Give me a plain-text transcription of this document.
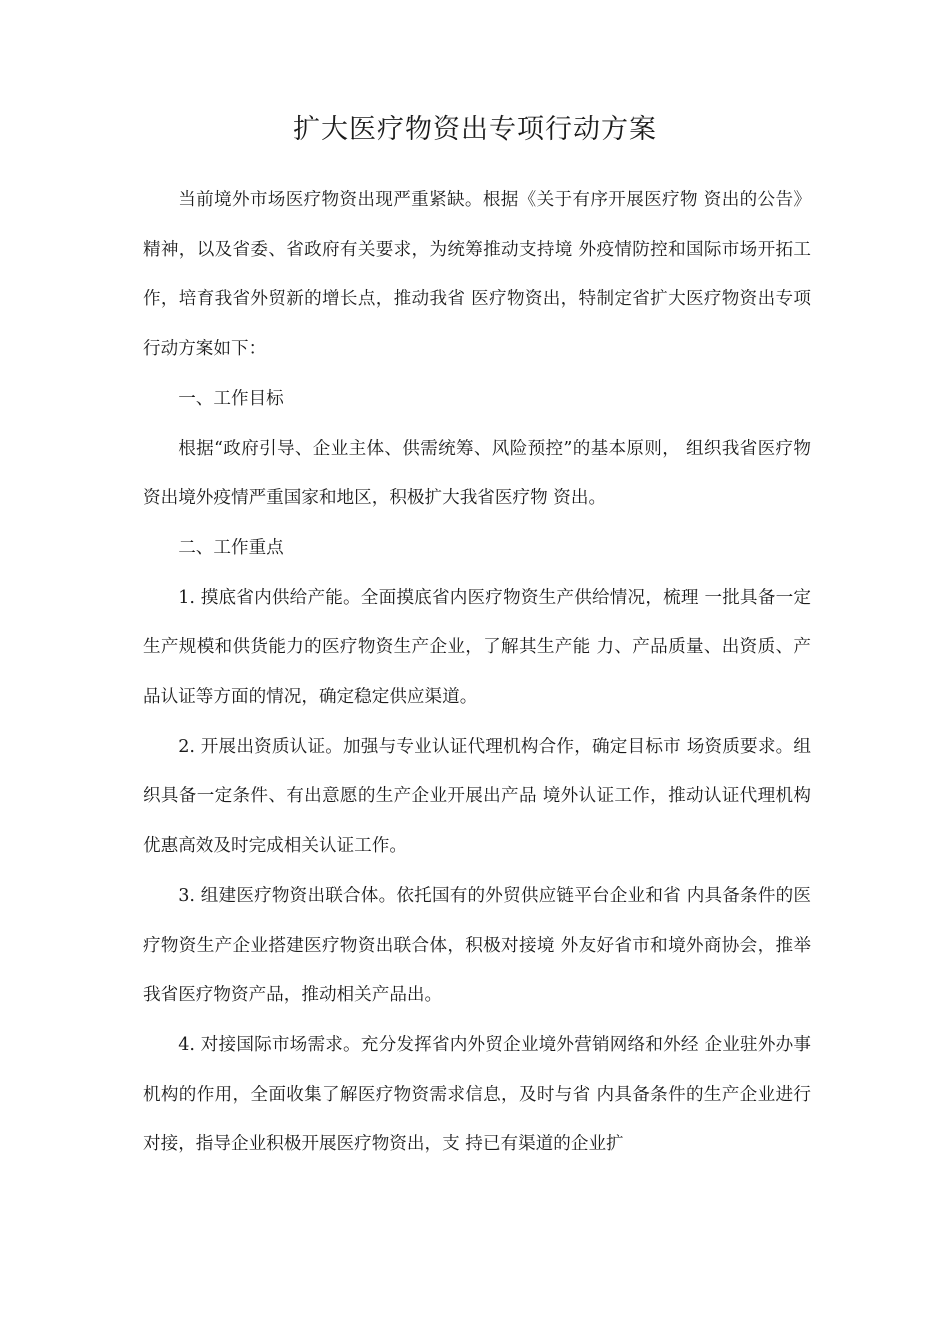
扩大医疗物资出专项行动方案

当前境外市场医疗物资出现严重紧缺。根据《关于有序开展医疗物 资出的公告》精神，以及省委、省政府有关要求，为统筹推动支持境 外疫情防控和国际市场开拓工作，培育我省外贸新的增长点，推动我省 医疗物资出，特制定省扩大医疗物资出专项行动方案如下：

一、工作目标

根据“政府引导、企业主体、供需统筹、风险预控”的基本原则， 组织我省医疗物资出境外疫情严重国家和地区，积极扩大我省医疗物 资出。

二、工作重点

1. 摸底省内供给产能。全面摸底省内医疗物资生产供给情况，梳理 一批具备一定生产规模和供货能力的医疗物资生产企业，了解其生产能 力、产品质量、出资质、产品认证等方面的情况，确定稳定供应渠道。

2. 开展出资质认证。加强与专业认证代理机构合作，确定目标市 场资质要求。组织具备一定条件、有出意愿的生产企业开展出产品 境外认证工作，推动认证代理机构优惠高效及时完成相关认证工作。

3. 组建医疗物资出联合体。依托国有的外贸供应链平台企业和省 内具备条件的医疗物资生产企业搭建医疗物资出联合体，积极对接境 外友好省市和境外商协会，推举我省医疗物资产品，推动相关产品出。

4. 对接国际市场需求。充分发挥省内外贸企业境外营销网络和外经 企业驻外办事机构的作用，全面收集了解医疗物资需求信息，及时与省 内具备条件的生产企业进行对接，指导企业积极开展医疗物资出，支 持已有渠道的企业扩
